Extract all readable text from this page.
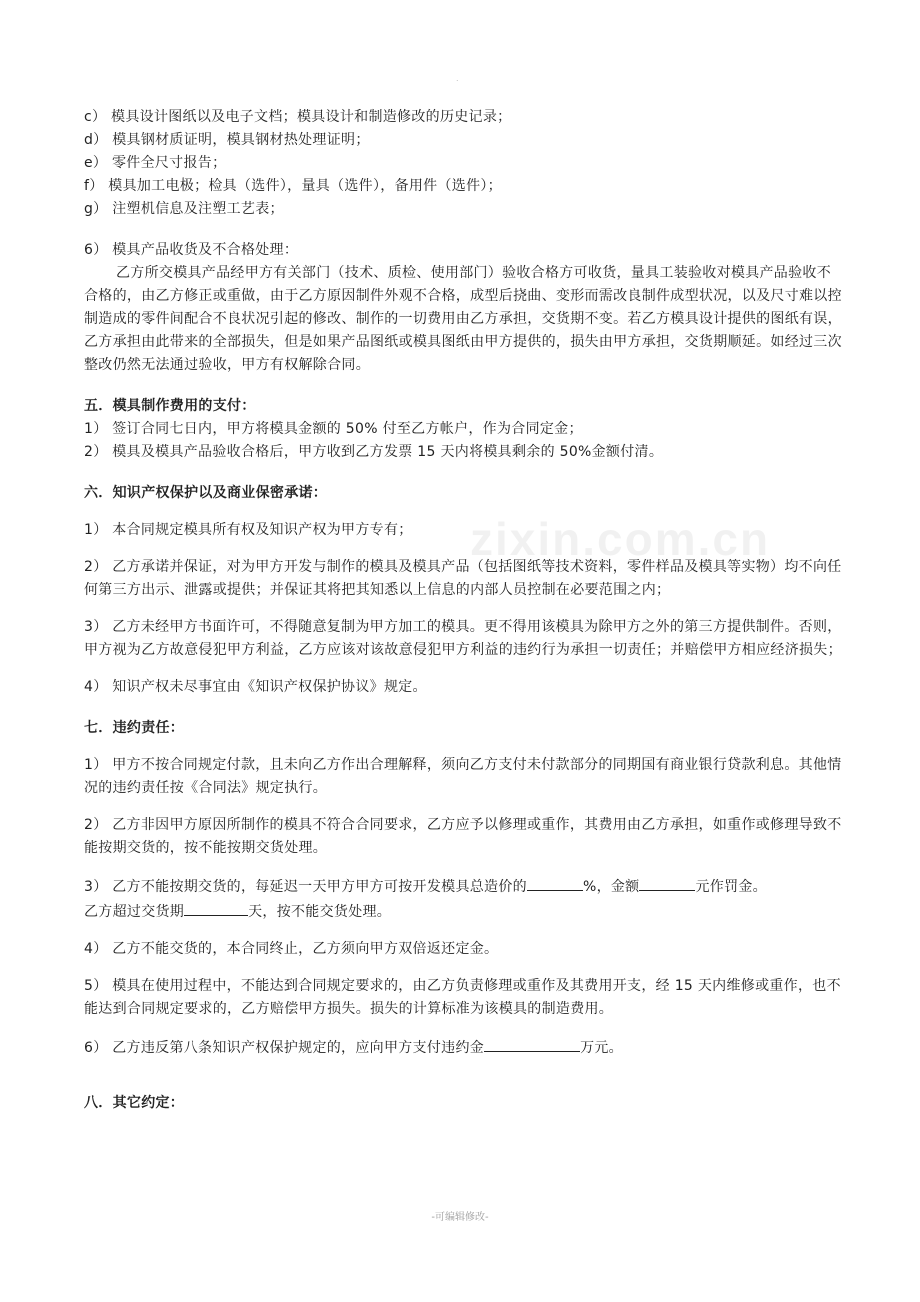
.
zixin.com.cn

c） 模具设计图纸以及电子文档；模具设计和制造修改的历史记录；

d） 模具钢材质证明，模具钢材热处理证明；

e） 零件全尺寸报告；

f） 模具加工电极；检具（选件），量具（选件），备用件（选件）；

g） 注塑机信息及注塑工艺表；

6） 模具产品收货及不合格处理：

乙方所交模具产品经甲方有关部门（技术、质检、使用部门）验收合格方可收货，量具工装验收对模具产品验收不合格的，由乙方修正或重做，由于乙方原因制件外观不合格，成型后挠曲、变形而需改良制件成型状况，以及尺寸难以控制造成的零件间配合不良状况引起的修改、制作的一切费用由乙方承担，交货期不变。若乙方模具设计提供的图纸有误，乙方承担由此带来的全部损失，但是如果产品图纸或模具图纸由甲方提供的，损失由甲方承担，交货期顺延。如经过三次整改仍然无法通过验收，甲方有权解除合同。

五．模具制作费用的支付：

1） 签订合同七日内，甲方将模具金额的 50% 付至乙方帐户，作为合同定金；

2） 模具及模具产品验收合格后，甲方收到乙方发票 15 天内将模具剩余的 50%金额付清。

六．知识产权保护以及商业保密承诺：

1） 本合同规定模具所有权及知识产权为甲方专有；

2） 乙方承诺并保证，对为甲方开发与制作的模具及模具产品（包括图纸等技术资料，零件样品及模具等实物）均不向任何第三方出示、泄露或提供；并保证其将把其知悉以上信息的内部人员控制在必要范围之内；

3） 乙方未经甲方书面许可，不得随意复制为甲方加工的模具。更不得用该模具为除甲方之外的第三方提供制件。否则，甲方视为乙方故意侵犯甲方利益，乙方应该对该故意侵犯甲方利益的违约行为承担一切责任；并赔偿甲方相应经济损失；

4） 知识产权未尽事宜由《知识产权保护协议》规定。

七．违约责任：

1） 甲方不按合同规定付款，且未向乙方作出合理解释，须向乙方支付未付款部分的同期国有商业银行贷款利息。其他情况的违约责任按《合同法》规定执行。

2） 乙方非因甲方原因所制作的模具不符合合同要求，乙方应予以修理或重作，其费用由乙方承担，如重作或修理导致不能按期交货的，按不能按期交货处理。

3） 乙方不能按期交货的，每延迟一天甲方甲方可按开发模具总造价的	%，金额	元作罚金。
乙方超过交货期	天，按不能交货处理。

4） 乙方不能交货的，本合同终止，乙方须向甲方双倍返还定金。

5） 模具在使用过程中，不能达到合同规定要求的，由乙方负责修理或重作及其费用开支，经 15 天内维修或重作，也不能达到合同规定要求的，乙方赔偿甲方损失。损失的计算标准为该模具的制造费用。

6） 乙方违反第八条知识产权保护规定的，应向甲方支付违约金	万元。

八．其它约定：

-可编辑修改-
